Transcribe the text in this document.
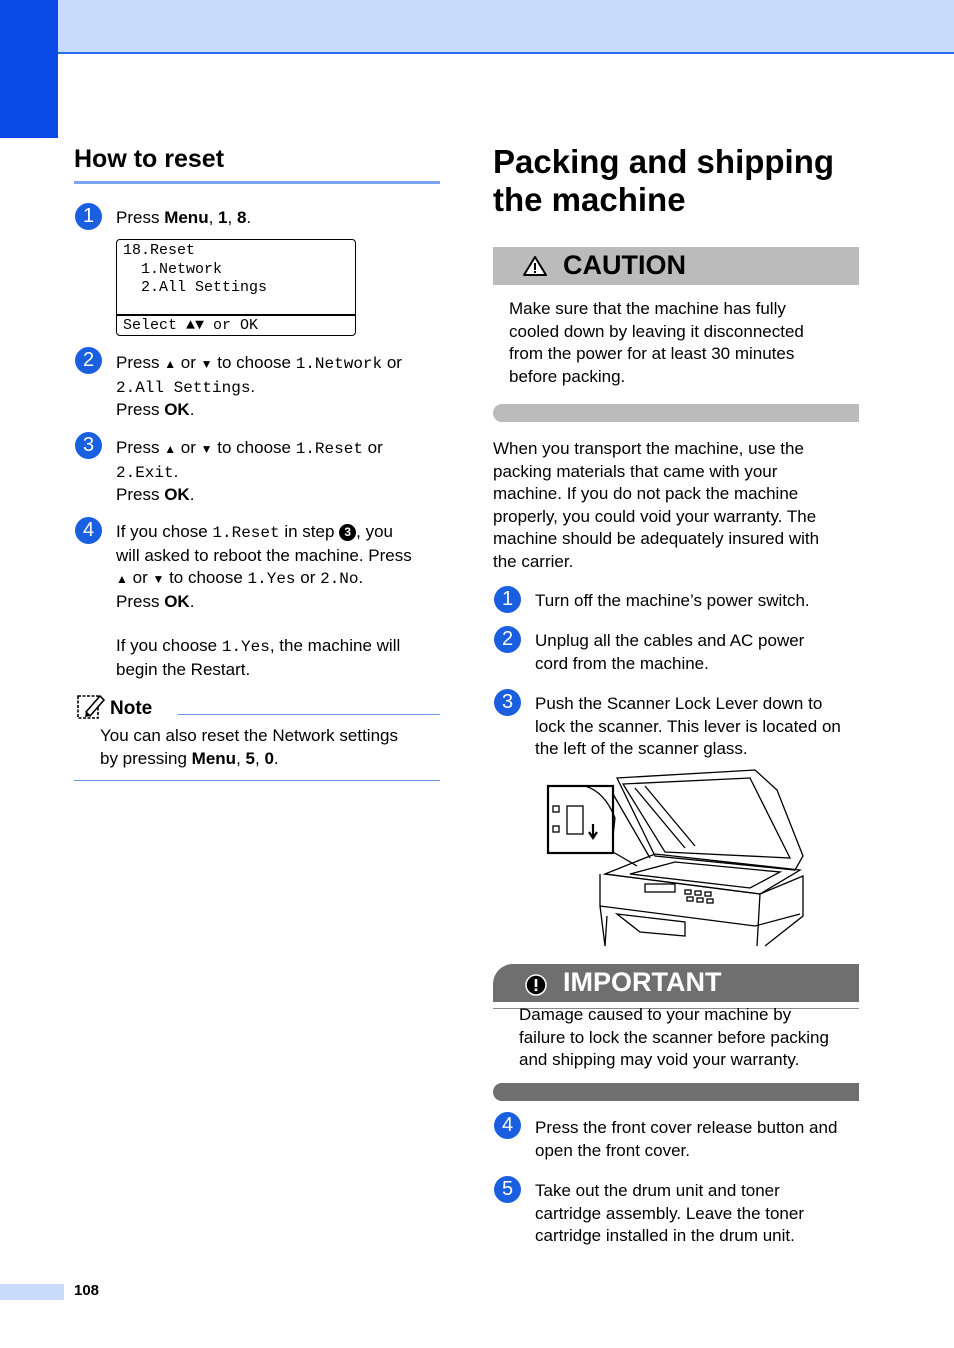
How to reset
1	Press Menu, 1, 8.
18.Reset
1.Network
2.All Settings
Select ▲▼ or OK
2	Press ▲ or ▼ to choose 1.Network or
2.All Settings.
Press OK.
3	Press ▲ or ▼ to choose 1.Reset or
2.Exit.
Press OK.
4	If you chose 1.Reset in step 3 , you
will asked to reboot the machine. Press
▲ or ▼ to choose 1.Yes or 2.No.
Press OK.
If you choose 1.Yes, the machine will
begin the Restart.
Note
You can also reset the Network settings
by pressing Menu, 5, 0.
Packing and shipping
the machine
CAUTION
Make sure that the machine has fully
cooled down by leaving it disconnected
from the power for at least 30 minutes
before packing.
When you transport the machine, use the
packing materials that came with your
machine. If you do not pack the machine
properly, you could void your warranty. The
machine should be adequately insured with
the carrier.
1	Turn off the machine’s power switch.
2	Unplug all the cables and AC power
cord from the machine.
3	Push the Scanner Lock Lever down to
lock the scanner. This lever is located on
the left of the scanner glass.
IMPORTANT
Damage caused to your machine by
failure to lock the scanner before packing
and shipping may void your warranty.
4	Press the front cover release button and
open the front cover.
5	Take out the drum unit and toner
cartridge assembly. Leave the toner
cartridge installed in the drum unit.
108
